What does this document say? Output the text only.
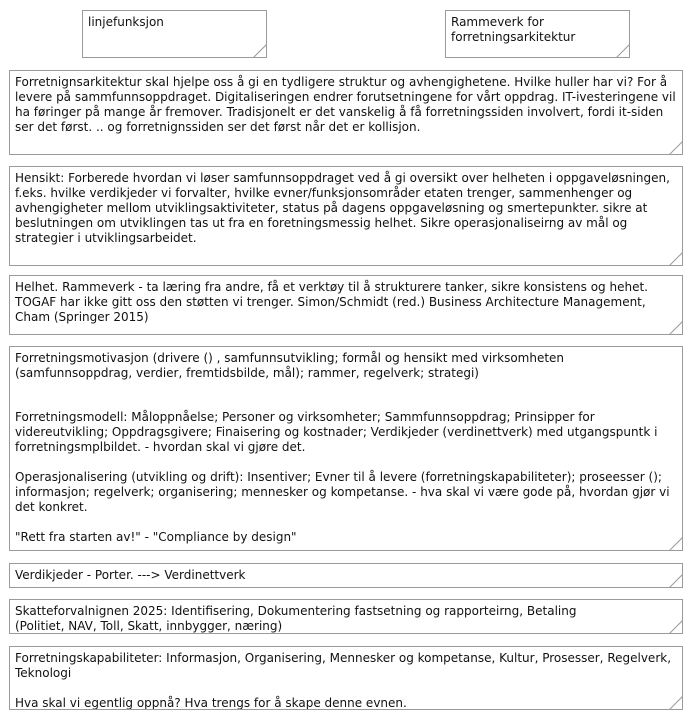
linjefunksjon	Rammeverk for forretningsarkitektur

Forretnignsarkitektur skal hjelpe oss å gi en tydligere struktur og avhengighetene. Hvilke huller har vi? For å levere på sammfunnsoppdraget. Digitaliseringen endrer forutsetningene for vårt oppdrag. IT-ivesteringene vil ha føringer på mange år fremover. Tradisjonelt er det vanskelig å få forretningssiden involvert, fordi it-siden ser det først. .. og forretnignssiden ser det først når det er kollisjon.

Hensikt: Forberede hvordan vi løser samfunnsoppdraget ved å gi oversikt over helheten i oppgaveløsningen, f.eks. hvilke verdikjeder vi forvalter, hvilke evner/funksjonsområder etaten trenger, sammenhenger og avhengigheter mellom utviklingsaktiviteter, status på dagens oppgaveløsning og smertepunkter. sikre at beslutningen om utviklingen tas ut fra en foretningsmessig helhet. Sikre operasjonaliseirng av mål og strategier i utviklingsarbeidet.

Helhet. Rammeverk - ta læring fra andre, få et verktøy til å strukturere tanker, sikre konsistens og hehet. TOGAF har ikke gitt oss den støtten vi trenger. Simon/Schmidt (red.) Business Architecture Management, Cham (Springer 2015)

Forretningsmotivasjon (drivere () , samfunnsutvikling; formål og hensikt med virksomheten (samfunnsoppdrag, verdier, fremtidsbilde, mål); rammer, regelverk; strategi)

Forretningsmodell: Måloppnåelse; Personer og virksomheter; Sammfunnsoppdrag; Prinsipper for videreutvikling; Oppdragsgivere; Finaisering og kostnader; Verdikjeder (verdinettverk) med utgangspuntk i forretningsmplbildet. - hvordan skal vi gjøre det.

Operasjonalisering (utvikling og drift): Insentiver; Evner til å levere (forretningskapabiliteter); proseesser (); informasjon; regelverk; organisering; mennesker og kompetanse. - hva skal vi være gode på, hvordan gjør vi det konkret.

"Rett fra starten av!" - "Compliance by design"

Verdikjeder - Porter. ---> Verdinettverk

Skatteforvalnignen 2025: Identifisering, Dokumentering fastsetning og rapporteirng, Betaling

(Politiet, NAV, Toll, Skatt, innbygger, næring)

Forretningskapabiliteter: Informasjon, Organisering, Mennesker og kompetanse, Kultur, Prosesser, Regelverk, Teknologi

Hva skal vi egentlig oppnå? Hva trengs for å skape denne evnen.
